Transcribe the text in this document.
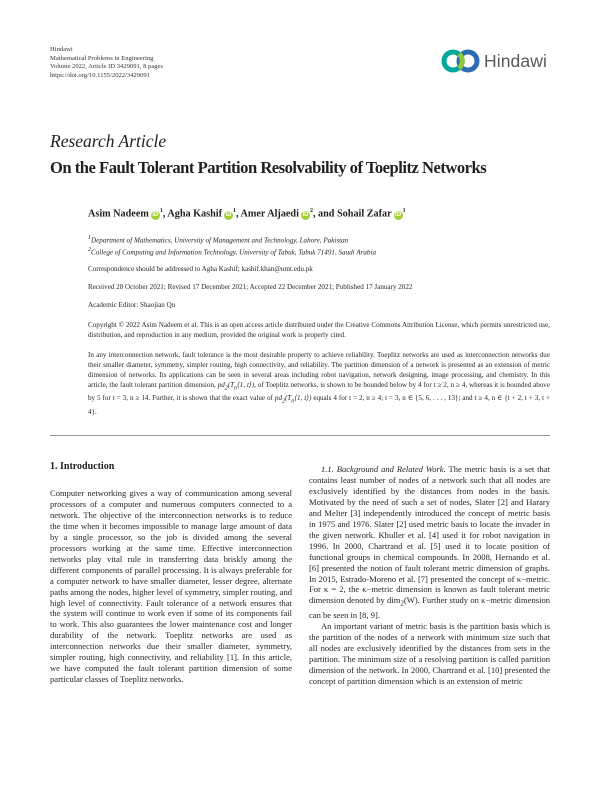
Hindawi
Mathematical Problems in Engineering
Volume 2022, Article ID 3429091, 8 pages
https://doi.org/10.1155/2022/3429091
Hindawi
Research Article
On the Fault Tolerant Partition Resolvability of Toeplitz Networks
Asim Nadeem $iD^1$, Agha Kashif $iD^1$, Amer Aljaedi $iD^2$, and Sohail Zafar $iD^1$
$^1$Department of Mathematics, University of Management and Technology, Lahore, Pakistan
$^2$College of Computing and Information Technology, University of Tabuk, Tabuk 71491, Saudi Arabia
Correspondence should be addressed to Agha Kashif; kashif.khan@umt.edu.pk
Received 28 October 2021; Revised 17 December 2021; Accepted 22 December 2021; Published 17 January 2022
Academic Editor: Shaojian Qu
Copyright © 2022 Asim Nadeem et al. This is an open access article distributed under the Creative Commons Attribution License, which permits unrestricted use, distribution, and reproduction in any medium, provided the original work is properly cited.
In any interconnection network, fault tolerance is the most desirable property to achieve reliability. Toeplitz networks are used as interconnection networks due their smaller diameter, symmetry, simpler routing, high connectivity, and reliability. The partition dimension of a network is presented as an extension of metric dimension of networks. Its applications can be seen in several areas including robot navigation, network designing, image processing, and chemistry. In this article, the fault tolerant partition dimension, $pd_2(T_n⟨1$, t⟩), of Toeplitz networks, is shown to be bounded below by 4 for t ≥ 2, n ≥ 4, whereas it is bounded above by 5 for t = 3, n ≥ 14. Further, it is shown that the exact value of $pd_2(T_n⟨1$, t⟩) equals 4 for t = 2, n ≥ 4; t = 3, n ∈ {5, 6, . . . , 13}; and t ≥ 4, n ∈ {t + 2, t + 3, t + 4}.
1. Introduction
Computer networking gives a way of communication among several processors of a computer and numerous computers connected to a network. The objective of the interconnection networks is to reduce the time when it becomes impossible to manage large amount of data by a single processor, so the job is divided among the several processors working at the same time. Effective interconnection networks play vital rule in transferring data briskly among the different components of parallel processing. It is always preferable for a computer network to have smaller diameter, lesser degree, alternate paths among the nodes, higher level of symmetry, simpler routing, and high level of connectivity. Fault tolerance of a network ensures that the system will continue to work even if some of its components fail to work. This also guarantees the lower maintenance cost and longer durability of the network. Toeplitz networks are used as interconnection networks due their smaller diameter, symmetry, simpler routing, high connectivity, and reliability [1]. In this article, we have computed the fault tolerant partition dimension of some particular classes of Toeplitz networks.
1.1. Background and Related Work. The metric basis is a set that contains least number of nodes of a network such that all nodes are exclusively identified by the distances from nodes in the basis. Motivated by the need of such a set of nodes, Slater [2] and Harary and Melter [3] independently introduced the concept of metric basis in 1975 and 1976. Slater [2] used metric basis to locate the invader in the given network. Khuller et al. [4] used it for robot navigation in 1996. In 2000, Chartrand et al. [5] used it to locate position of functional groups in chemical compounds. In 2008, Hernando et al. [6] presented the notion of fault tolerant metric dimension of graphs. In 2015, Estrado-Moreno et al. [7] presented the concept of κ−metric. For κ = 2, the κ−metric dimension is known as fault tolerant metric dimension denoted by dim$_2$(W). Further study on κ−metric dimension can be seen in [8, 9].
An important variant of metric basis is the partition basis which is the partition of the nodes of a network with minimum size such that all nodes are exclusively identified by the distances from sets in the partition. The minimum size of a resolving partition is called partition dimension of the network. In 2000, Chartrand et al. [10] presented the concept of partition dimension which is an extension of metric
